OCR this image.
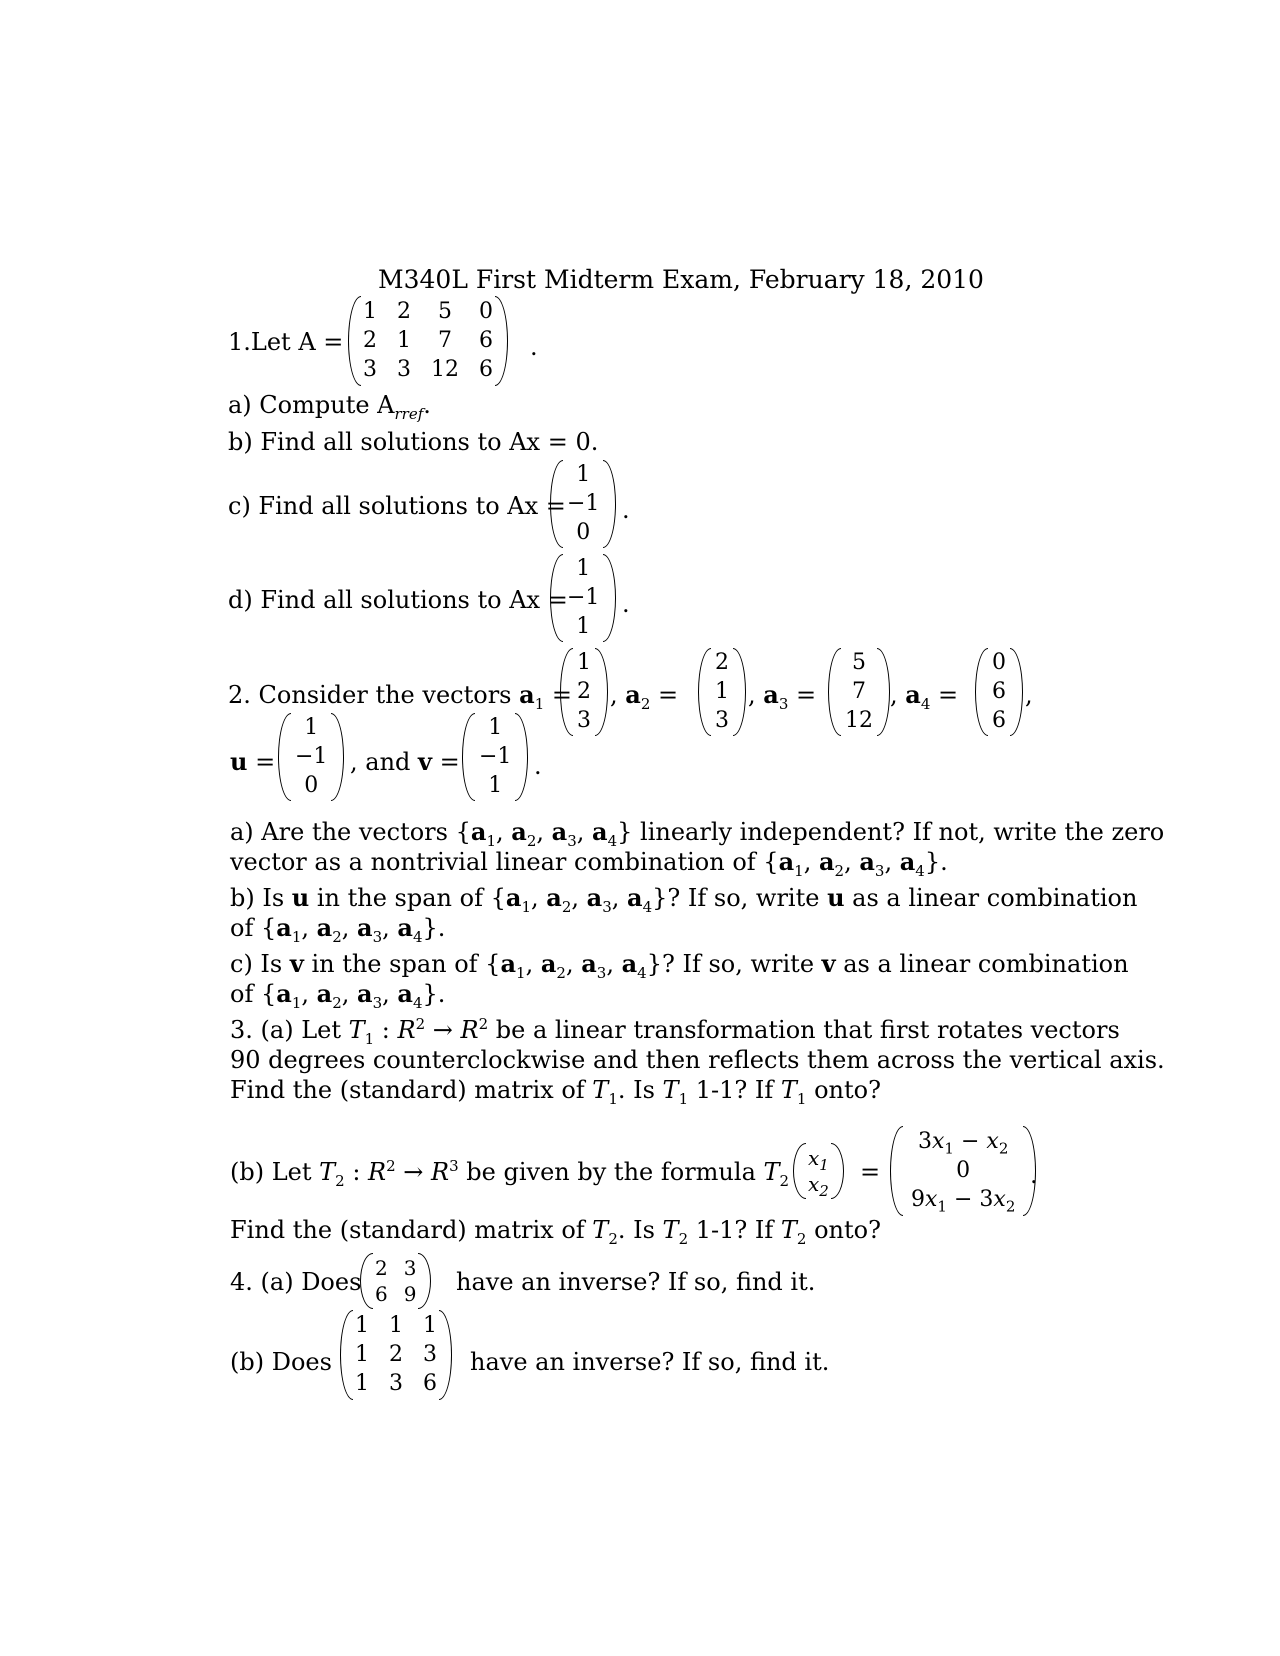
M340L First Midterm Exam, February 18, 2010
1.Let A =
1 2 5 0
2 1 7 6
3 3 12 6
.
a) Compute $A_{rref}$.
b) Find all solutions to Ax = 0.
c) Find all solutions to Ax =
1
−1
0
.
d) Find all solutions to Ax =
1
−1
1
.
2. Consider the vectors $a_1$ =
1
2
3
, $a_2$ =
2
1
3
, $a_3$ =
5
7
12
, $a_4$ =
0
6
6
,
u =
1
−1
0
, and v =
1
−1
1
.
a) Are the vectors {$a_1$, $a_2$, $a_3$, $a_4$} linearly independent? If not, write the zero
vector as a nontrivial linear combination of {$a_1$, $a_2$, $a_3$, $a_4$}.
b) Is u in the span of {$a_1$, $a_2$, $a_3$, $a_4$}? If so, write u as a linear combination
of {$a_1$, $a_2$, $a_3$, $a_4$}.
c) Is v in the span of {$a_1$, $a_2$, $a_3$, $a_4$}? If so, write v as a linear combination
of {$a_1$, $a_2$, $a_3$, $a_4$}.
3. (a) Let $T_1$ : $R^2 \to R^2$ be a linear transformation that first rotates vectors
90 degrees counterclockwise and then reflects them across the vertical axis.
Find the (standard) matrix of $T_1$. Is $T_1$ 1-1? If $T_1$ onto?
(b) Let $T_2$ : $R^2 \to R^3$ be given by the formula $T_2$
$x_1$
$x_2$
=
$3x_1 - x_2$
0
$9x_1 - 3x_2$
.
Find the (standard) matrix of $T_2$. Is $T_2$ 1-1? If $T_2$ onto?
4. (a) Does 2 3
6 9 have an inverse? If so, find it.
(b) Does
1 1 1
1 2 3
1 3 6
have an inverse? If so, find it.
